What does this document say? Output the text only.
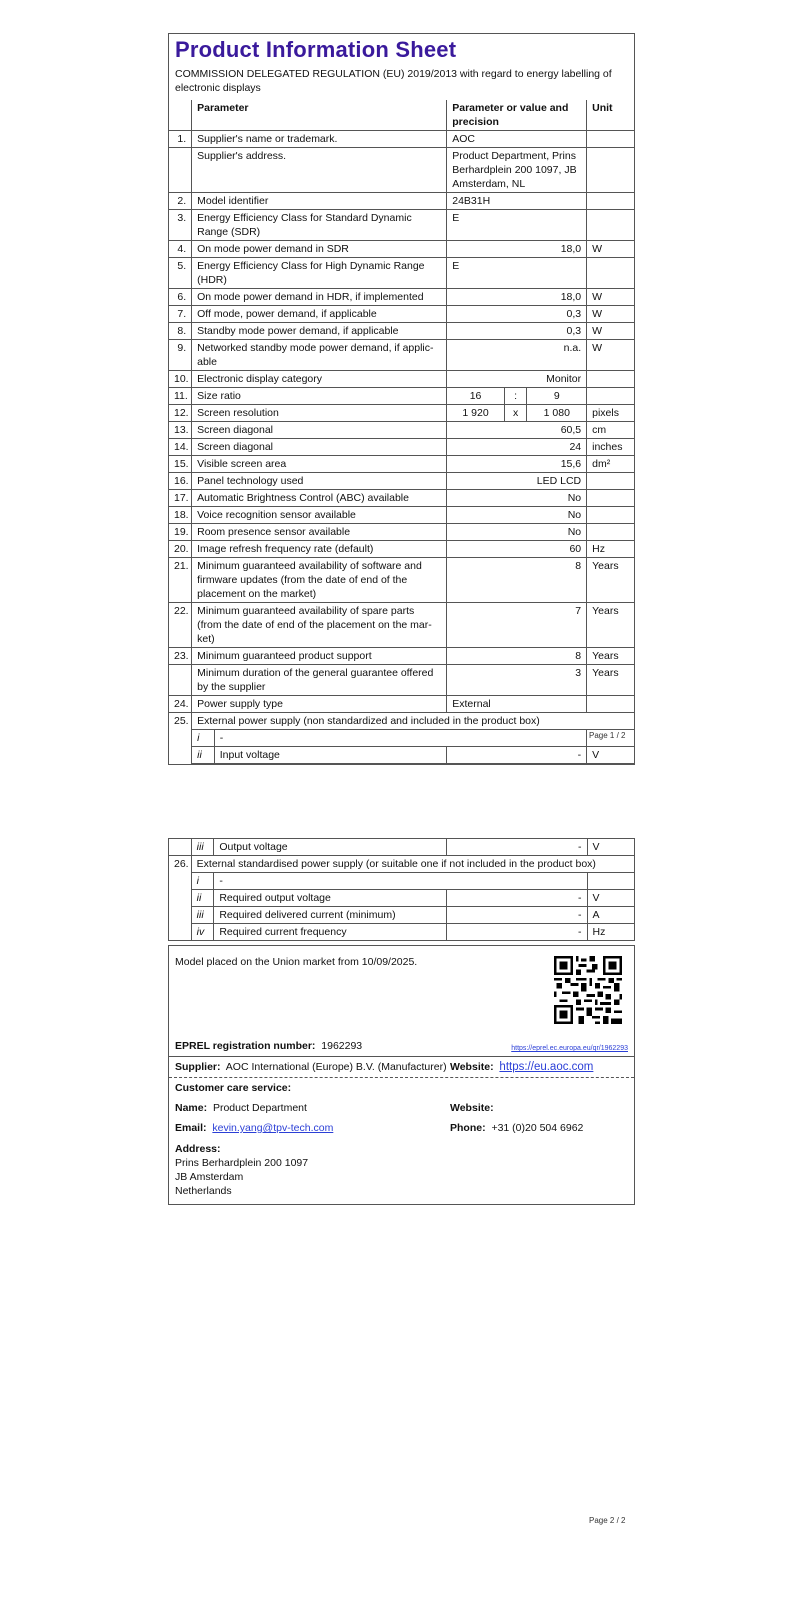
Product Information Sheet
COMMISSION DELEGATED REGULATION (EU) 2019/2013 with regard to energy labelling of electronic displays
	Parameter		Parameter or value and precision			Unit
1.	Supplier's name or trademark.		AOC			
	Supplier's address.		Product Department, Prins Berhardplein 200 1097, JB Amsterdam, NL			
2.	Model identifier		24B31H			
3.	Energy Efficiency Class for Standard Dynamic Range (SDR)		E			
4.	On mode power demand in SDR		18,0			W
5.	Energy Efficiency Class for High Dynamic Range (HDR)		E			
6.	On mode power demand in HDR, if implemented		18,0			W
7.	Off mode, power demand, if applicable		0,3			W
8.	Standby mode power demand, if applicable		0,3			W
9.	Networked standby mode power demand, if applic-able		n.a.			W
10.	Electronic display category		Monitor			
11.	Size ratio		16	:	9	
12.	Screen resolution		1 920	x	1 080	pixels
13.	Screen diagonal		60,5			cm
14.	Screen diagonal		24			inches
15.	Visible screen area		15,6			dm²
16.	Panel technology used		LED LCD			
17.	Automatic Brightness Control (ABC) available		No			
18.	Voice recognition sensor available		No			
19.	Room presence sensor available		No			
20.	Image refresh frequency rate (default)		60			Hz
21.	Minimum guaranteed availability of software and firmware updates (from the date of end of the placement on the market)		8			Years
22.	Minimum guaranteed availability of spare parts (from the date of end of the placement on the mar-ket)		7			Years
23.	Minimum guaranteed product support		8			Years
	Minimum duration of the general guarantee offered by the supplier		3			Years
24.	Power supply type		External			
25.	External power supply (non standardized and included in the product box)					
	i	-				
	ii	Input voltage	-			V
Page 1 / 2
	iii	Output voltage	-	V
26.	External standardised power supply (or suitable one if not included in the product box)			
	i	-		
	ii	Required output voltage	-	V
	iii	Required delivered current (minimum)	-	A
	iv	Required current frequency	-	Hz
Model placed on the Union market from 10/09/2025.
EPREL registration number: 1962293	https://eprel.ec.europa.eu/qr/1962293
Supplier: AOC International (Europe) B.V. (Manufacturer) Website: https://eu.aoc.com
Customer care service:
Name: Product Department	Website:
Email: kevin.yang@tpv-tech.com	Phone: +31 (0)20 504 6962
Address:
Prins Berhardplein 200 1097
JB Amsterdam
Netherlands
Page 2 / 2
